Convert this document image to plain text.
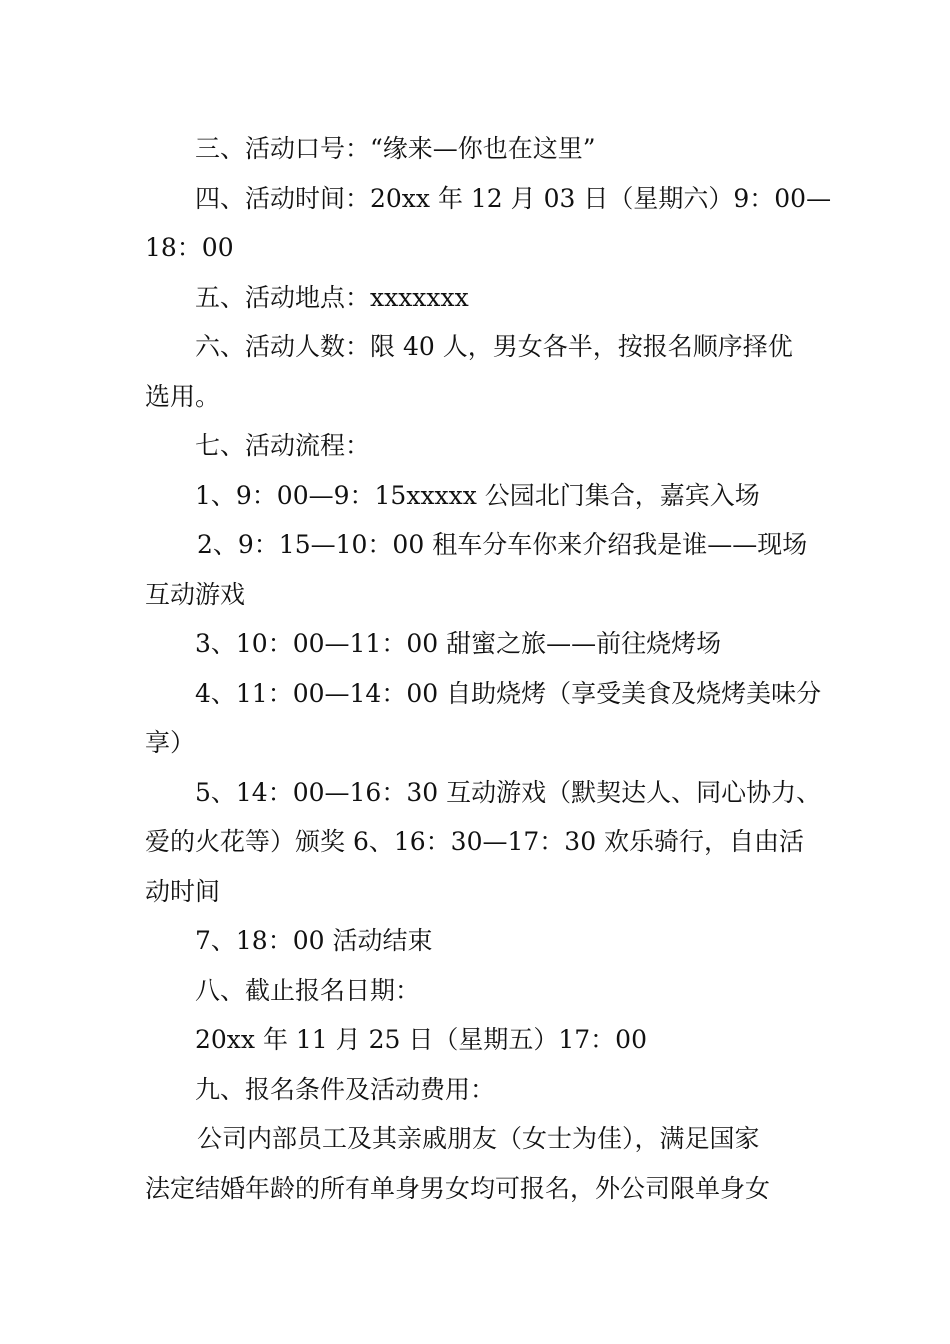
三、活动口号：“缘来—你也在这里”
四、活动时间：20xx 年 12 月 03 日（星期六）9：00—
18：00
五、活动地点：xxxxxxx
六、活动人数：限 40 人，男女各半，按报名顺序择优
选用。
七、活动流程：
1、9：00—9：15xxxxx 公园北门集合，嘉宾入场
2、9：15—10：00 租车分车你来介绍我是谁——现场
互动游戏
3、10：00—11：00 甜蜜之旅——前往烧烤场
4、11：00—14：00 自助烧烤（享受美食及烧烤美味分
享）
5、14：00—16：30 互动游戏（默契达人、同心协力、
爱的火花等）颁奖 6、16：30—17：30 欢乐骑行，自由活
动时间
7、18：00 活动结束
八、截止报名日期：
20xx 年 11 月 25 日（星期五）17：00
九、报名条件及活动费用：
公司内部员工及其亲戚朋友（女士为佳），满足国家
法定结婚年龄的所有单身男女均可报名，外公司限单身女
